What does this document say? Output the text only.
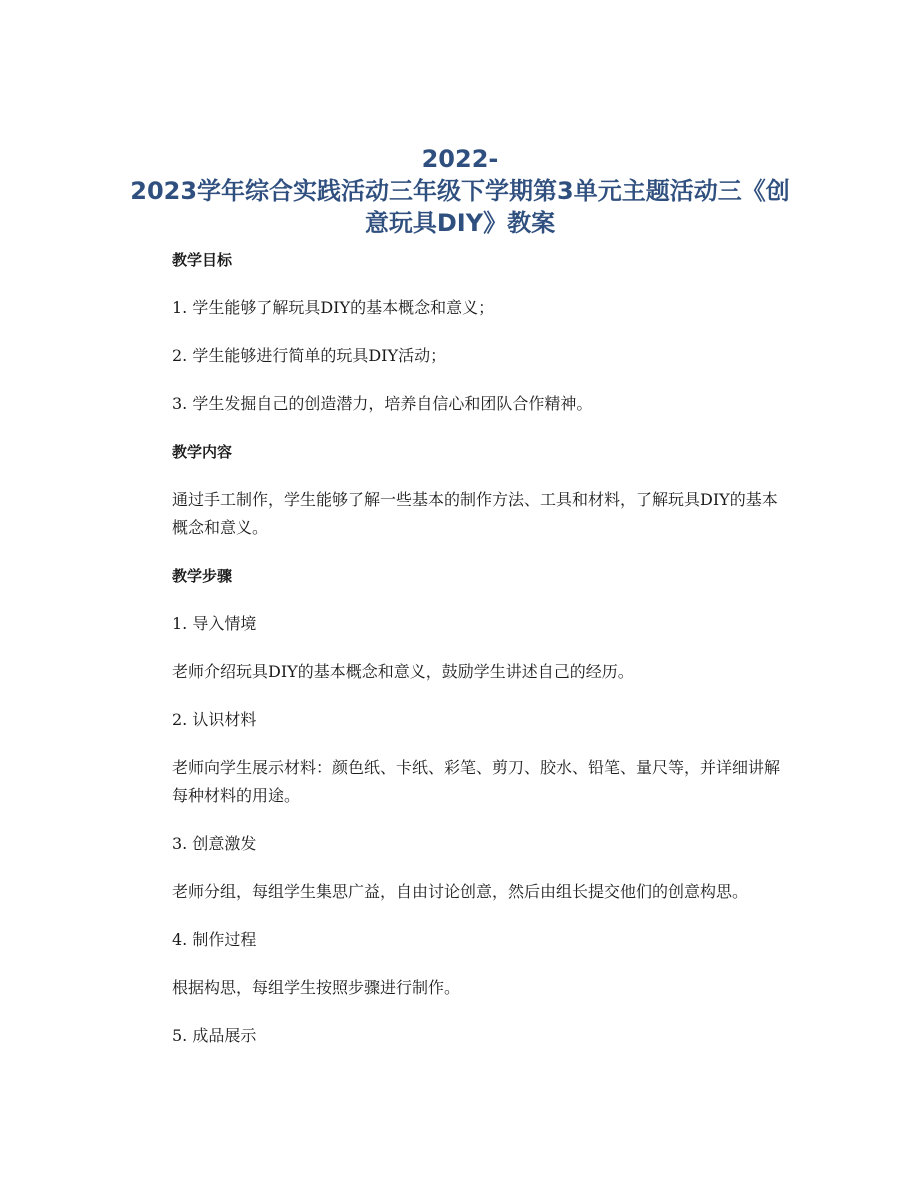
2022-
2023学年综合实践活动三年级下学期第3单元主题活动三《创
意玩具DIY》教案
教学目标
1. 学生能够了解玩具DIY的基本概念和意义；
2. 学生能够进行简单的玩具DIY活动；
3. 学生发掘自己的创造潜力，培养自信心和团队合作精神。
教学内容
通过手工制作，学生能够了解一些基本的制作方法、工具和材料，了解玩具DIY的基本概念和意义。
教学步骤
1. 导入情境
老师介绍玩具DIY的基本概念和意义，鼓励学生讲述自己的经历。
2. 认识材料
老师向学生展示材料：颜色纸、卡纸、彩笔、剪刀、胶水、铅笔、量尺等，并详细讲解每种材料的用途。
3. 创意激发
老师分组，每组学生集思广益，自由讨论创意，然后由组长提交他们的创意构思。
4. 制作过程
根据构思，每组学生按照步骤进行制作。
5. 成品展示
